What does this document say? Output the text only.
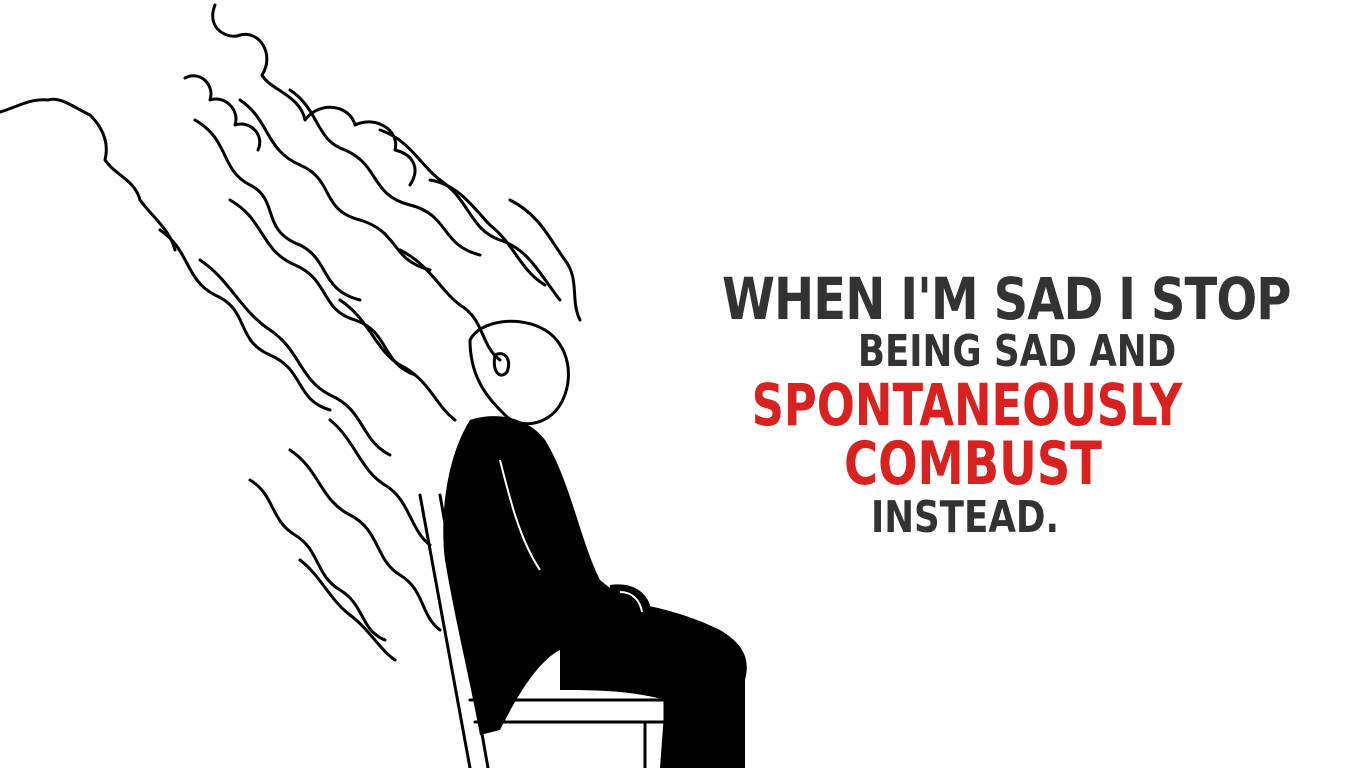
WHEN I'M SAD I STOP
BEING SAD AND
SPONTANEOUSLY
COMBUST
INSTEAD.
